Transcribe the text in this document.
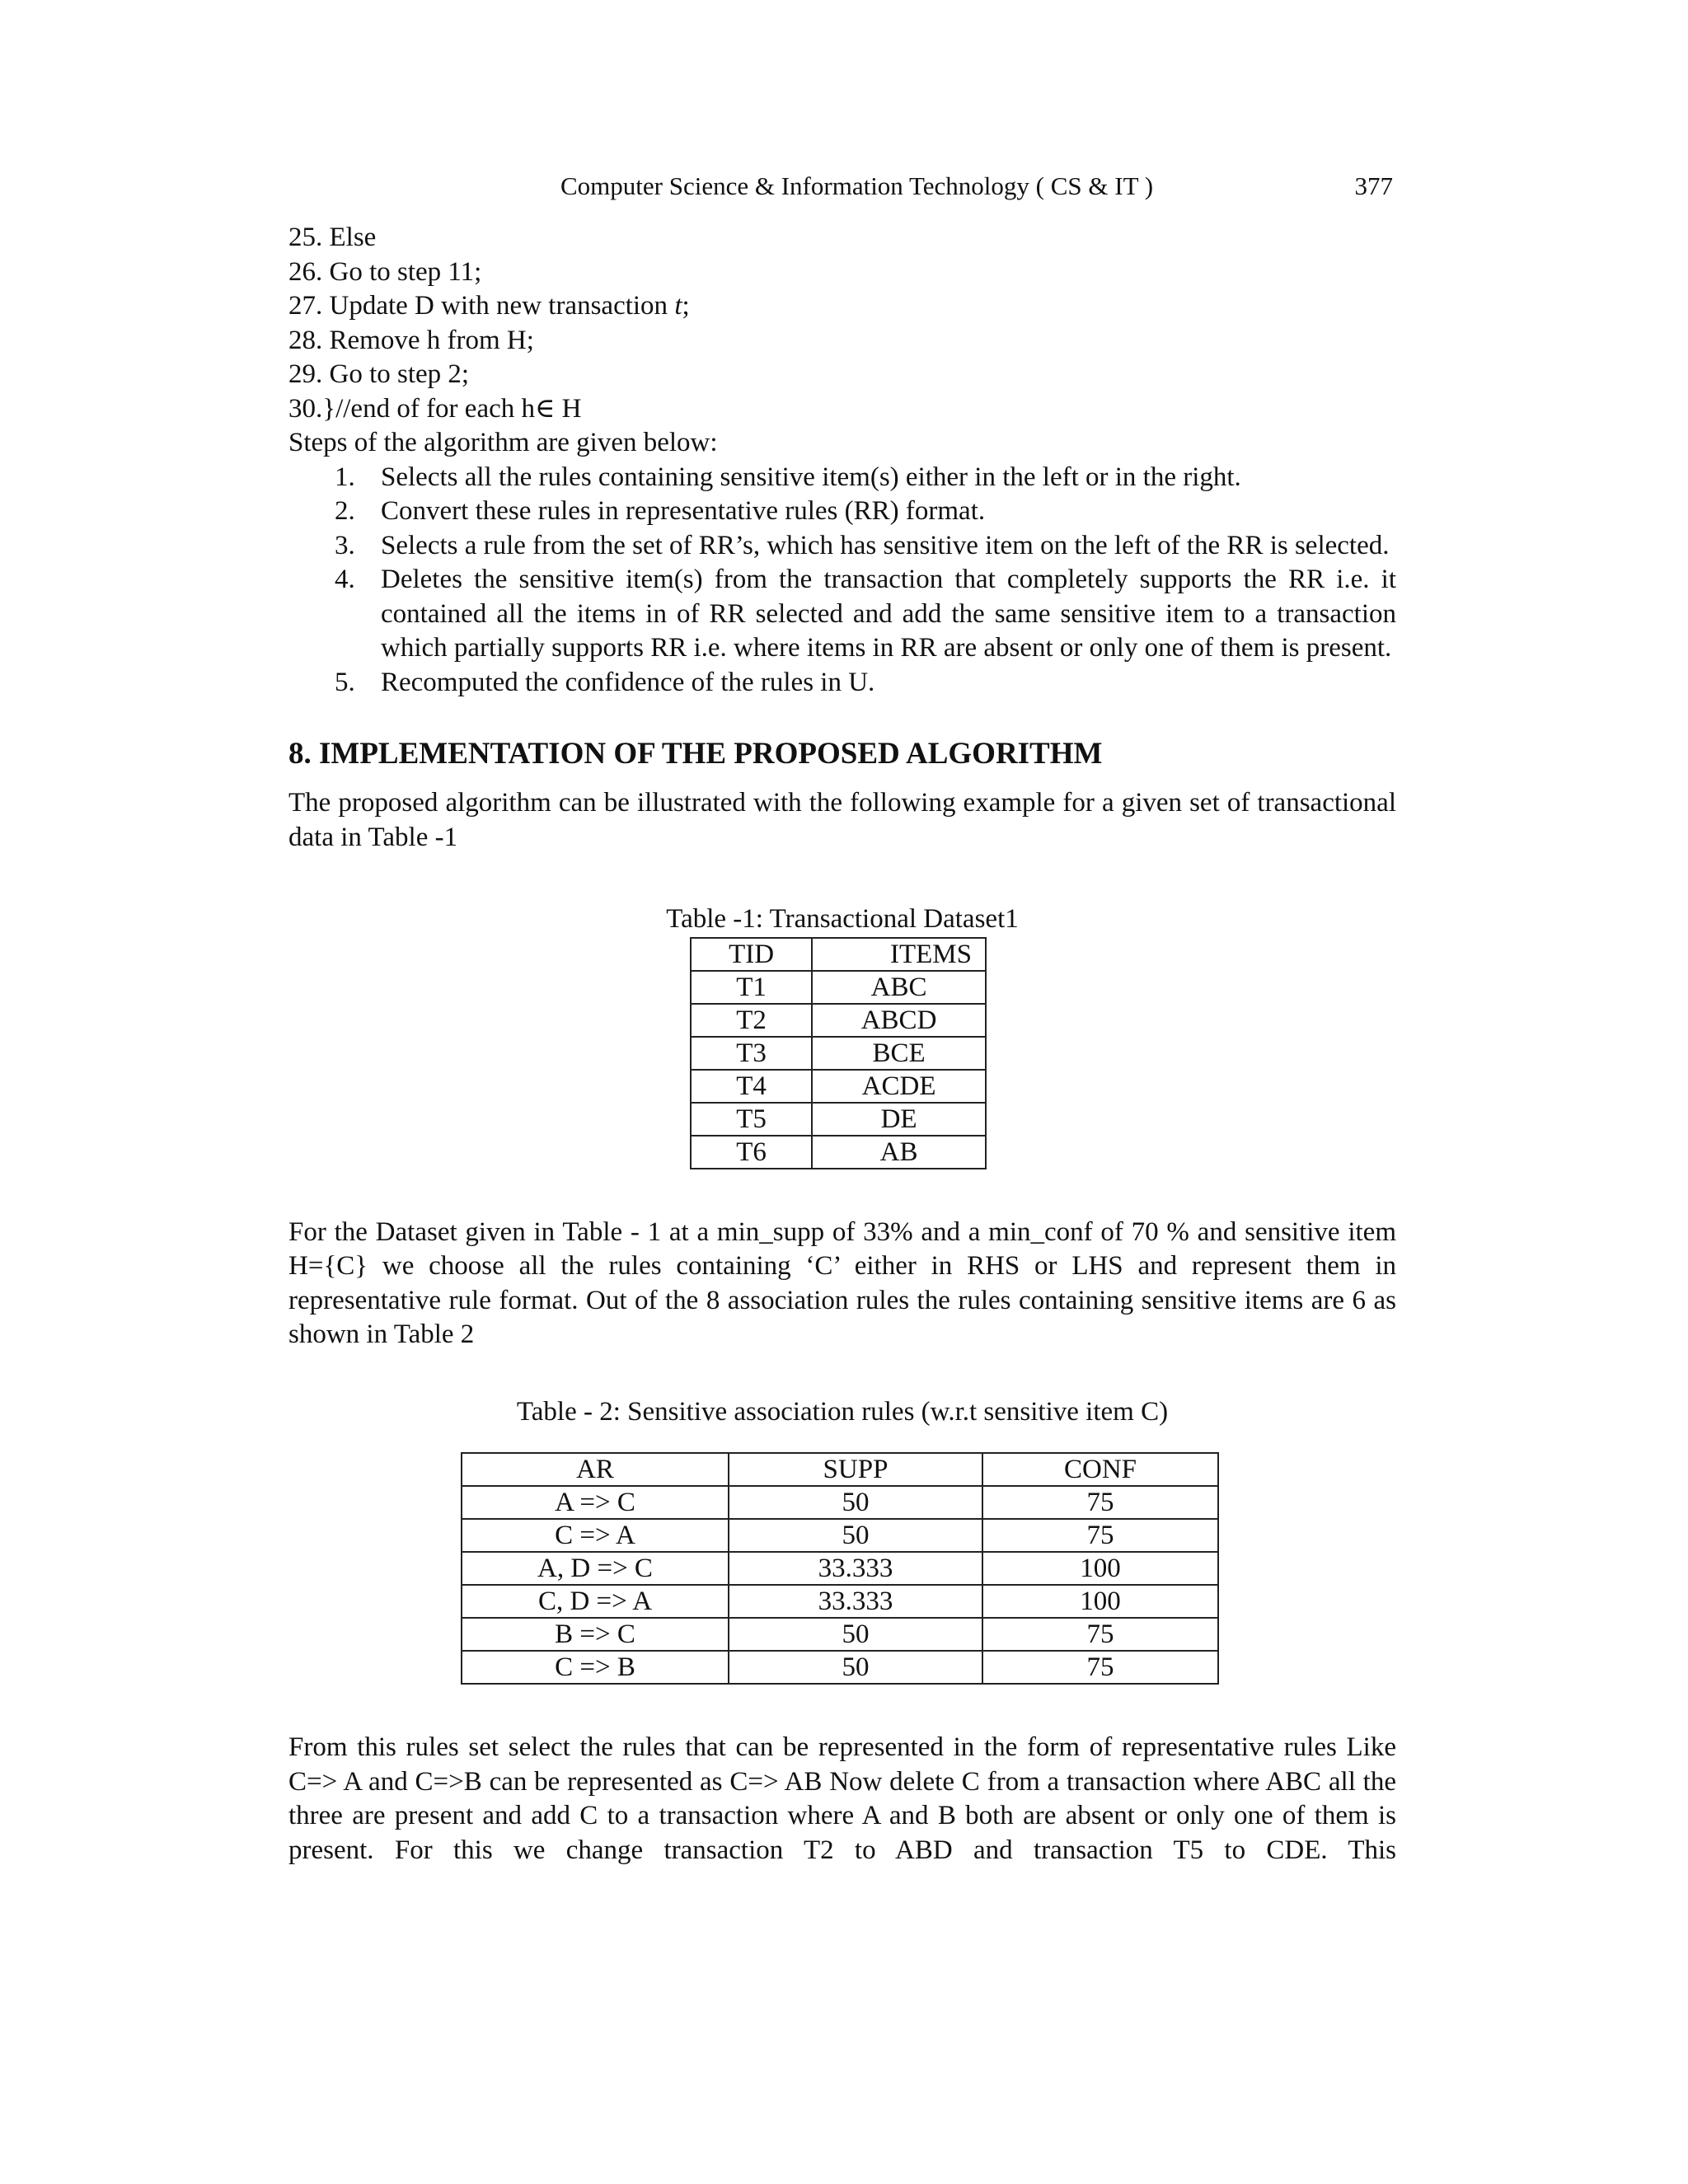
Computer Science & Information Technology ( CS & IT )	377
25. Else
26. Go to step 11;
27. Update D with new transaction t;
28. Remove h from H;
29. Go to step 2;
30.}//end of for each h∈ H
Steps of the algorithm are given below:
1. Selects all the rules containing sensitive item(s) either in the left or in the right.
2. Convert these rules in representative rules (RR) format.
3. Selects a rule from the set of RR’s, which has sensitive item on the left of the RR is selected.
4. Deletes the sensitive item(s) from the transaction that completely supports the RR i.e. it contained all the items in of RR selected and add the same sensitive item to a transaction which partially supports RR i.e. where items in RR are absent or only one of them is present.
5. Recomputed the confidence of the rules in U.
8. IMPLEMENTATION OF THE PROPOSED ALGORITHM
The proposed algorithm can be illustrated with the following example for a given set of transactional data in Table -1
Table -1: Transactional Dataset1
TID	ITEMS
T1	ABC
T2	ABCD
T3	BCE
T4	ACDE
T5	DE
T6	AB
For the Dataset given in Table - 1 at a min_supp of 33% and a min_conf of 70 % and sensitive item H={C} we choose all the rules containing ‘C’ either in RHS or LHS and represent them in representative rule format. Out of the 8 association rules the rules containing sensitive items are 6 as shown in Table 2
Table - 2: Sensitive association rules (w.r.t sensitive item C)
AR	SUPP	CONF
A => C	50	75
C => A	50	75
A, D => C	33.333	100
C, D => A	33.333	100
B => C	50	75
C => B	50	75
From this rules set select the rules that can be represented in the form of representative rules Like C=> A and C=>B can be represented as C=> AB Now delete C from a transaction where ABC all the three are present and add C to a transaction where A and B both are absent or only one of them is present. For this we change transaction T2 to ABD and transaction T5 to CDE. This
